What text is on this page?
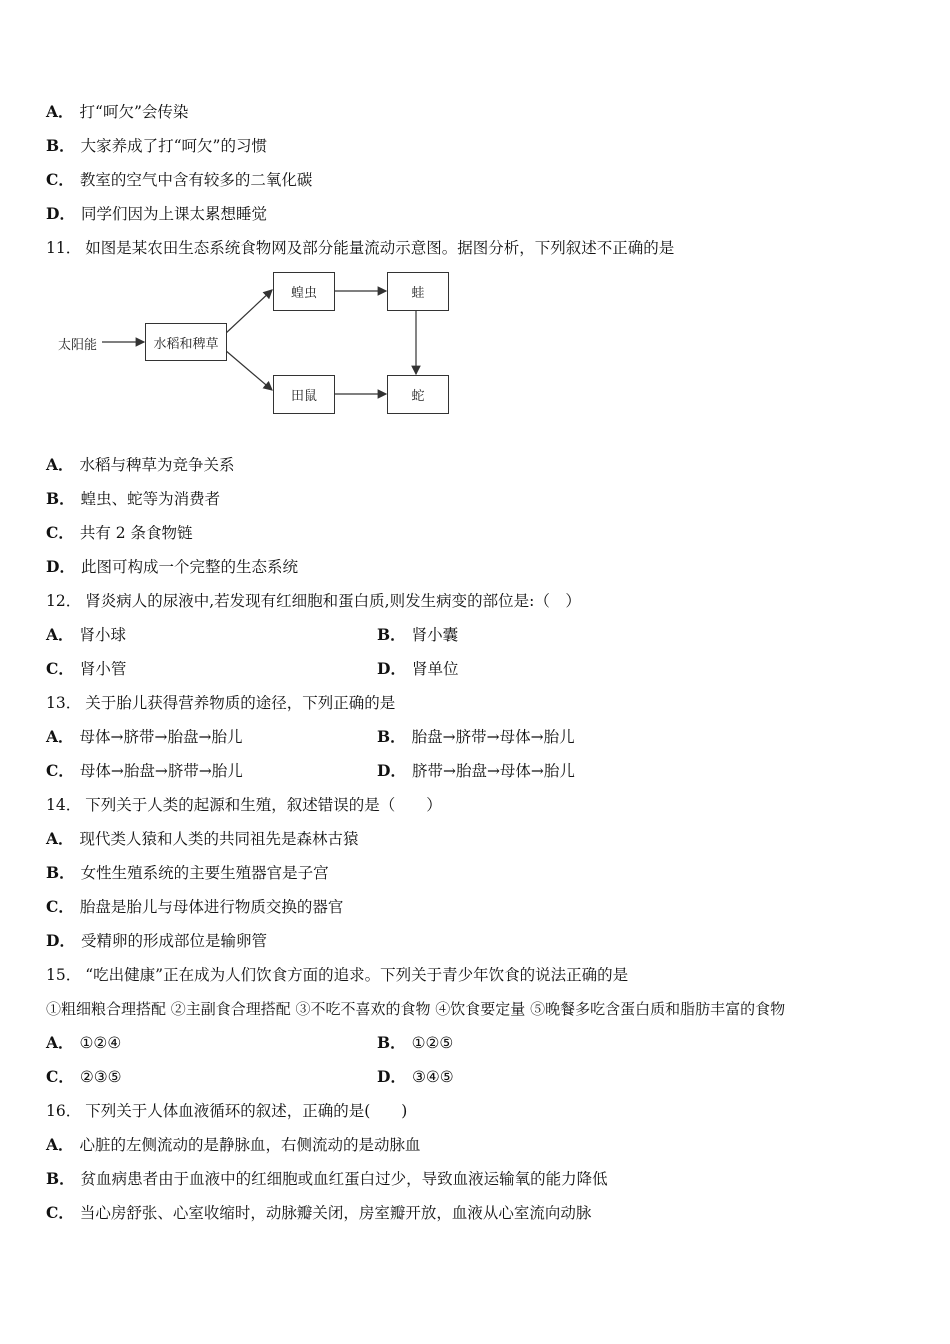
A． 打“呵欠”会传染
B． 大家养成了打“呵欠”的习惯
C． 教室的空气中含有较多的二氧化碳
D． 同学们因为上课太累想睡觉
11． 如图是某农田生态系统食物网及部分能量流动示意图。据图分析，下列叙述不正确的是
太阳能	水稻和稗草
蝗虫	蛙
田鼠	蛇
A． 水稻与稗草为竞争关系
B． 蝗虫、蛇等为消费者
C． 共有 2 条食物链
D． 此图可构成一个完整的生态系统
12． 肾炎病人的尿液中,若发现有红细胞和蛋白质,则发生病变的部位是:（　）
A． 肾小球	B． 肾小囊
C． 肾小管	D． 肾单位
13． 关于胎儿获得营养物质的途径，下列正确的是
A． 母体→脐带→胎盘→胎儿	B． 胎盘→脐带→母体→胎儿
C． 母体→胎盘→脐带→胎儿	D． 脐带→胎盘→母体→胎儿
14． 下列关于人类的起源和生殖，叙述错误的是（　　）
A． 现代类人猿和人类的共同祖先是森林古猿
B． 女性生殖系统的主要生殖器官是子宫
C． 胎盘是胎儿与母体进行物质交换的器官
D． 受精卵的形成部位是输卵管
15． “吃出健康”正在成为人们饮食方面的追求。下列关于青少年饮食的说法正确的是
①粗细粮合理搭配 ②主副食合理搭配 ③不吃不喜欢的食物 ④饮食要定量 ⑤晚餐多吃含蛋白质和脂肪丰富的食物
A． ①②④	B． ①②⑤
C． ②③⑤	D． ③④⑤
16． 下列关于人体血液循环的叙述，正确的是(　　)
A． 心脏的左侧流动的是静脉血，右侧流动的是动脉血
B． 贫血病患者由于血液中的红细胞或血红蛋白过少，导致血液运输氧的能力降低
C． 当心房舒张、心室收缩时，动脉瓣关闭，房室瓣开放，血液从心室流向动脉
